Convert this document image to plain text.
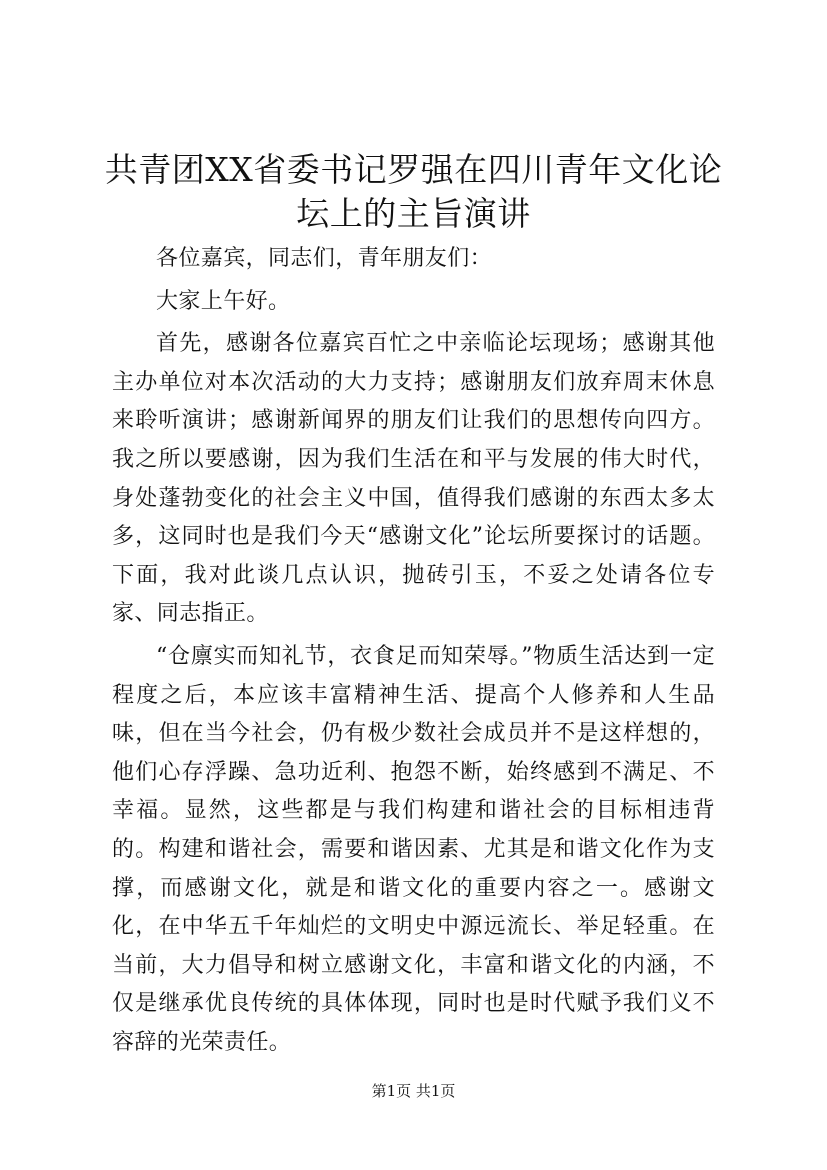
共青团XX省委书记罗强在四川青年文化论坛上的主旨演讲

各位嘉宾，同志们，青年朋友们：

大家上午好。

首先，感谢各位嘉宾百忙之中亲临论坛现场；感谢其他主办单位对本次活动的大力支持；感谢朋友们放弃周末休息来聆听演讲；感谢新闻界的朋友们让我们的思想传向四方。我之所以要感谢，因为我们生活在和平与发展的伟大时代，身处蓬勃变化的社会主义中国，值得我们感谢的东西太多太多，这同时也是我们今天“感谢文化”论坛所要探讨的话题。下面，我对此谈几点认识，抛砖引玉，不妥之处请各位专家、同志指正。

“仓廪实而知礼节，衣食足而知荣辱。”物质生活达到一定程度之后，本应该丰富精神生活、提高个人修养和人生品味，但在当今社会，仍有极少数社会成员并不是这样想的，他们心存浮躁、急功近利、抱怨不断，始终感到不满足、不幸福。显然，这些都是与我们构建和谐社会的目标相违背的。构建和谐社会，需要和谐因素、尤其是和谐文化作为支撑，而感谢文化，就是和谐文化的重要内容之一。感谢文化，在中华五千年灿烂的文明史中源远流长、举足轻重。在当前，大力倡导和树立感谢文化，丰富和谐文化的内涵，不仅是继承优良传统的具体体现，同时也是时代赋予我们义不容辞的光荣责任。

第1页 共1页
